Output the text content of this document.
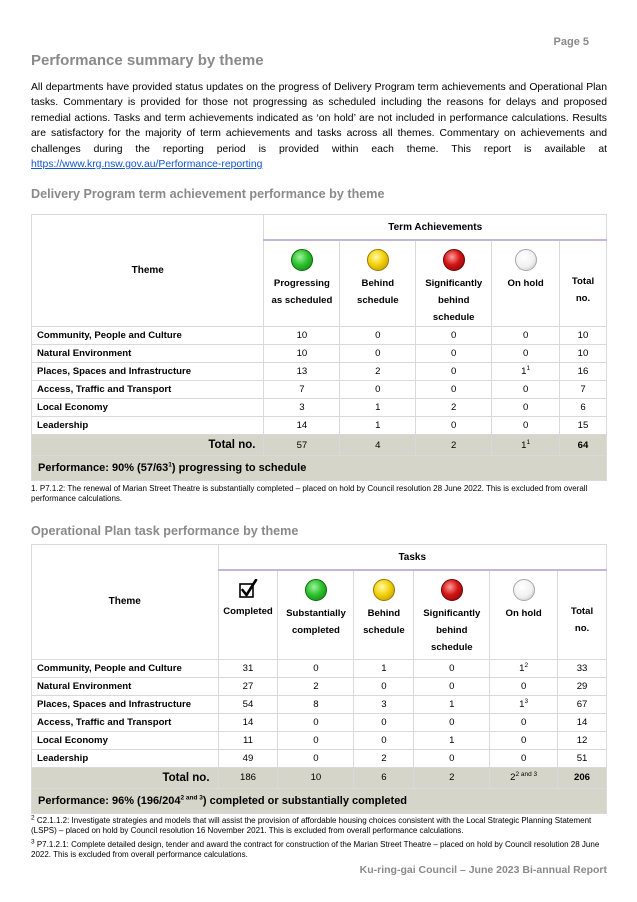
Page 5
Performance summary by theme

All departments have provided status updates on the progress of Delivery Program term achievements and Operational Plan tasks. Commentary is provided for those not progressing as scheduled including the reasons for delays and proposed remedial actions. Tasks and term achievements indicated as ‘on hold’ are not included in performance calculations. Results are satisfactory for the majority of term achievements and tasks across all themes. Commentary on achievements and challenges during the reporting period is provided within each theme. This report is available at https://www.krg.nsw.gov.au/Performance-reporting

Delivery Program term achievement performance by theme
Theme	Term Achievements				

Progressing
as scheduled	Behind
schedule	Significantly
behind
schedule	On hold	Total
no.
Community, People and Culture	10	0	0	0	10
Natural Environment	10	0	0	0	10
Places, Spaces and Infrastructure	13	2	0	$1^1$	16
Access, Traffic and Transport	7	0	0	0	7
Local Economy	3	1	2	0	6
Leadership	14	1	0	0	15
Total no.	57	4	2	$1^1$	64
Performance: 90% $(57/63^1)$ progressing to schedule					

1. P7.1.2: The renewal of Marian Street Theatre is substantially completed – placed on hold by Council resolution 28 June 2022. This is excluded from overall performance calculations.

Operational Plan task performance by theme
Theme	Tasks					

Completed	Substantially
completed	Behind
schedule	Significantly
behind
schedule	On hold	Total
no.
Community, People and Culture	31	0	1	0	$1^2$	33
Natural Environment	27	2	0	0	0	29
Places, Spaces and Infrastructure	54	8	3	1	$1^3$	67
Access, Traffic and Transport	14	0	0	0	0	14
Local Economy	11	0	0	1	0	12
Leadership	49	0	2	0	0	51
Total no.	186	10	6	2	$2^{2 and 3}$	206
Performance: 96% $(196/204^{2 and 3})$ completed or substantially completed						

$^2$ C2.1.1.2: Investigate strategies and models that will assist the provision of affordable housing choices consistent with the Local Strategic Planning Statement (LSPS) – placed on hold by Council resolution 16 November 2021. This is excluded from overall performance calculations.

$^3$ P7.1.2.1: Complete detailed design, tender and award the contract for construction of the Marian Street Theatre – placed on hold by Council resolution 28 June 2022. This is excluded from overall performance calculations.

Ku-ring-gai Council – June 2023 Bi-annual Report
